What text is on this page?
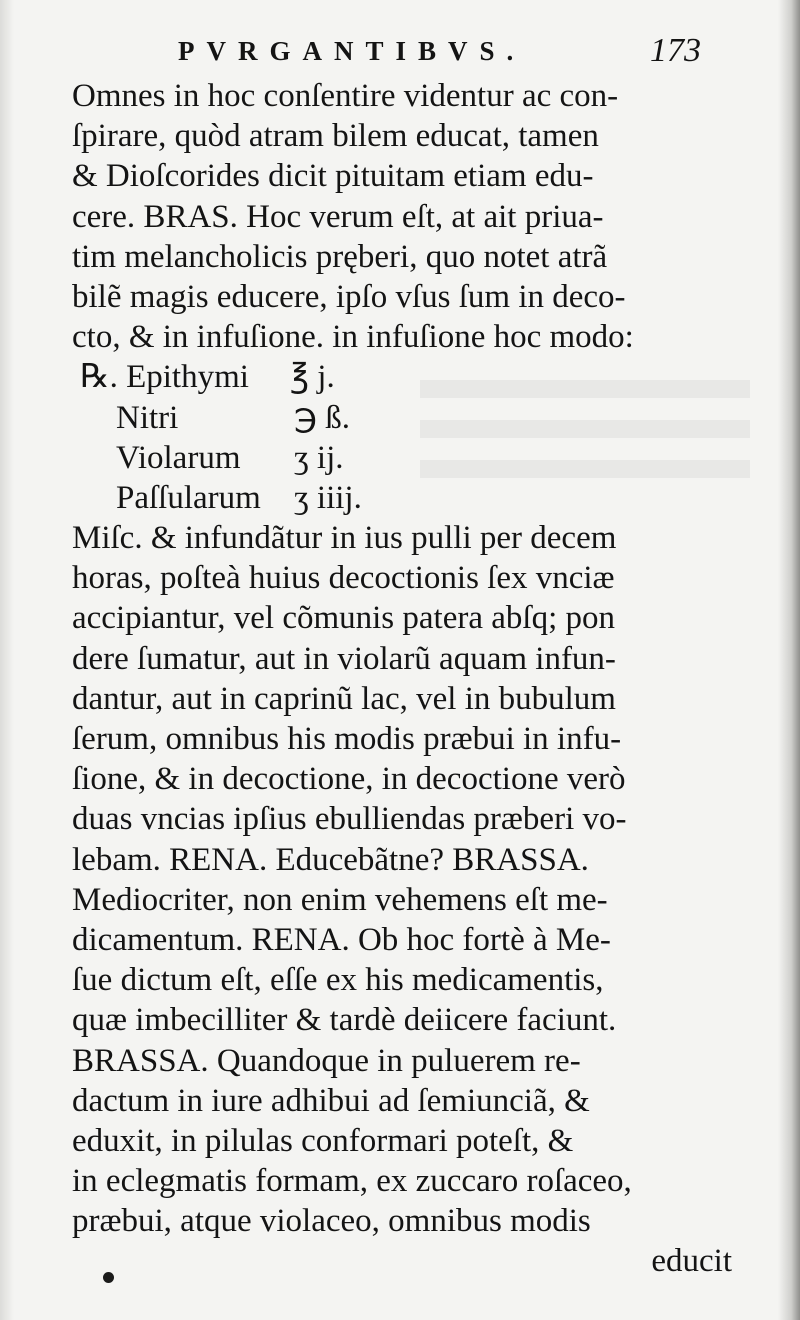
PVRGANTIBVS.	173
Omnes in hoc conſentire videntur ac con-
ſpirare, quòd atram bilem educat, tamen
& Dioſcorides dicit pituitam etiam edu-
cere. BRAS. Hoc verum eſt, at ait priua-
tim melancholicis pręberi, quo notet atrã
bilẽ magis educere, ipſo vſus ſum in deco-
cto, & in infuſione. in infuſione hoc modo:
℞. Epithymi ℥ j.
Nitri	℈ ß.
Violarum ʒ ij.
Paſſularum ʒ iiij.
Miſc. & infundãtur in ius pulli per decem
horas, poſteà huius decoctionis ſex vnciæ
accipiantur, vel cõmunis patera abſq; pon
dere ſumatur, aut in violarũ aquam infun-
dantur, aut in caprinũ lac, vel in bubulum
ſerum, omnibus his modis præbui in infu-
ſione, & in decoctione, in decoctione verò
duas vncias ipſius ebulliendas præberi vo-
lebam. RENA. Educebãtne? BRASSA.
Mediocriter, non enim vehemens eſt me-
dicamentum. RENA. Ob hoc fortè à Me-
ſue dictum eſt, eſſe ex his medicamentis,
quæ imbecilliter & tardè deiicere faciunt.
BRASSA. Quandoque in puluerem re-
dactum in iure adhibui ad ſemiunciã, &
eduxit, in pilulas conformari poteſt, &
in eclegmatis formam, ex zuccaro roſaceo,
præbui, atque violaceo, omnibus modis
educit
